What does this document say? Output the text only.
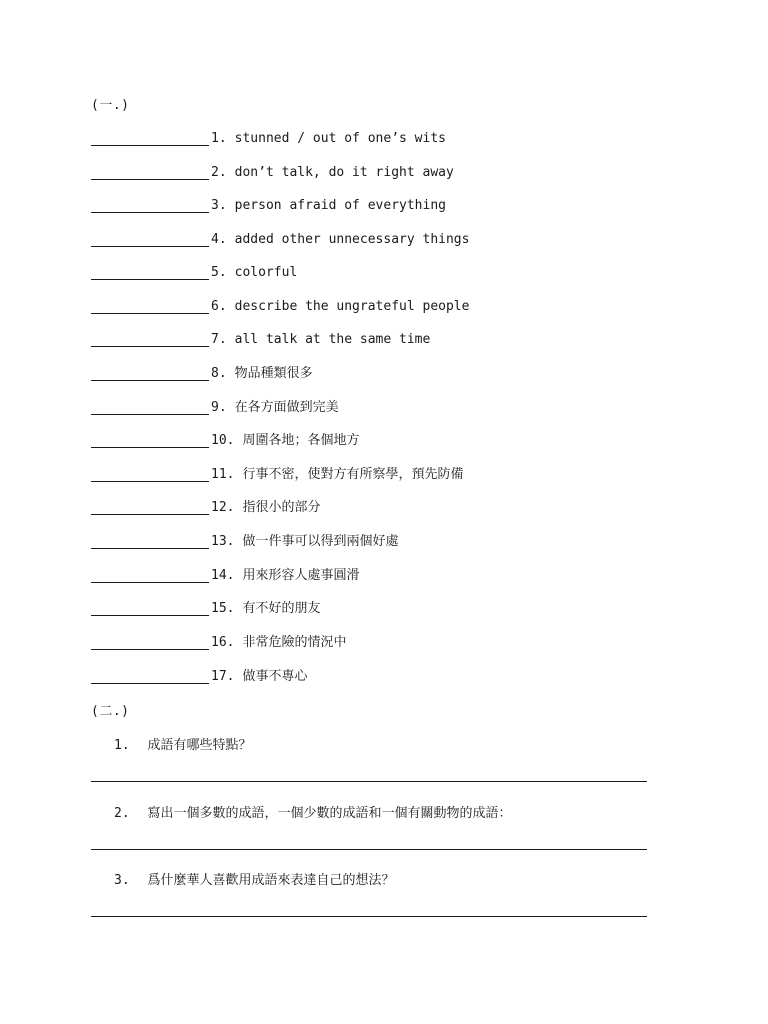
(一.)
1. stunned / out of one’s wits
2. don’t talk, do it right away
3. person afraid of everything
4. added other unnecessary things
5. colorful
6. describe the ungrateful people
7. all talk at the same time
8. 物品種類很多
9. 在各方面做到完美
10. 周圍各地；各個地方
11. 行事不密，使對方有所察學，預先防備
12. 指很小的部分
13. 做一件事可以得到兩個好處
14. 用來形容人處事圓滑
15. 有不好的朋友
16. 非常危險的情況中
17. 做事不專心
(二.)
1. 成語有哪些特點？
2. 寫出一個多數的成語，一個少數的成語和一個有關動物的成語：
3. 爲什麼華人喜歡用成語來表達自己的想法？
